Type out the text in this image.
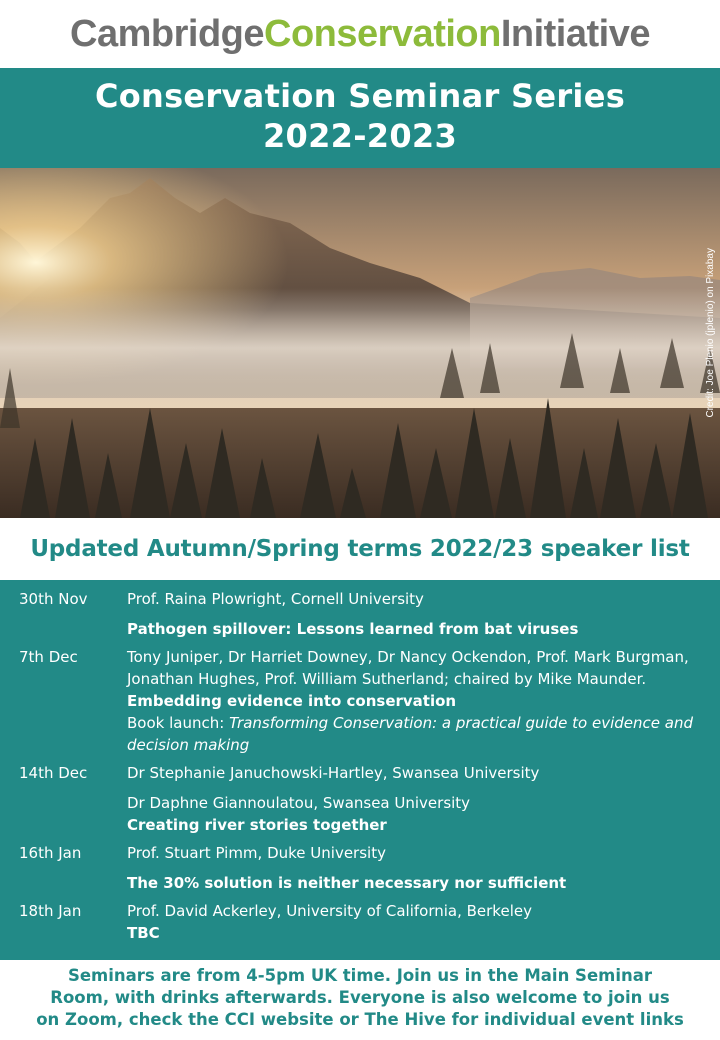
Cambridge Conservation Initiative
Conservation Seminar Series
2022-2023
Credit: Joe Plenio (jplenio) on Pixabay
Updated Autumn/Spring terms 2022/23 speaker list
30th Nov	Prof. Raina Plowright, Cornell University
Pathogen spillover: Lessons learned from bat viruses
7th Dec	Tony Juniper, Dr Harriet Downey, Dr Nancy Ockendon, Prof. Mark Burgman, Jonathan Hughes, Prof. William Sutherland; chaired by Mike Maunder.
Embedding evidence into conservation
Book launch: Transforming Conservation: a practical guide to evidence and decision making
14th Dec	Dr Stephanie Januchowski-Hartley, Swansea University
Dr Daphne Giannoulatou, Swansea University
Creating river stories together
16th Jan	Prof. Stuart Pimm, Duke University
The 30% solution is neither necessary nor sufficient
18th Jan	Prof. David Ackerley, University of California, Berkeley
TBC
Seminars are from 4-5pm UK time. Join us in the Main Seminar
Room, with drinks afterwards. Everyone is also welcome to join us
on Zoom, check the CCI website or The Hive for individual event links
